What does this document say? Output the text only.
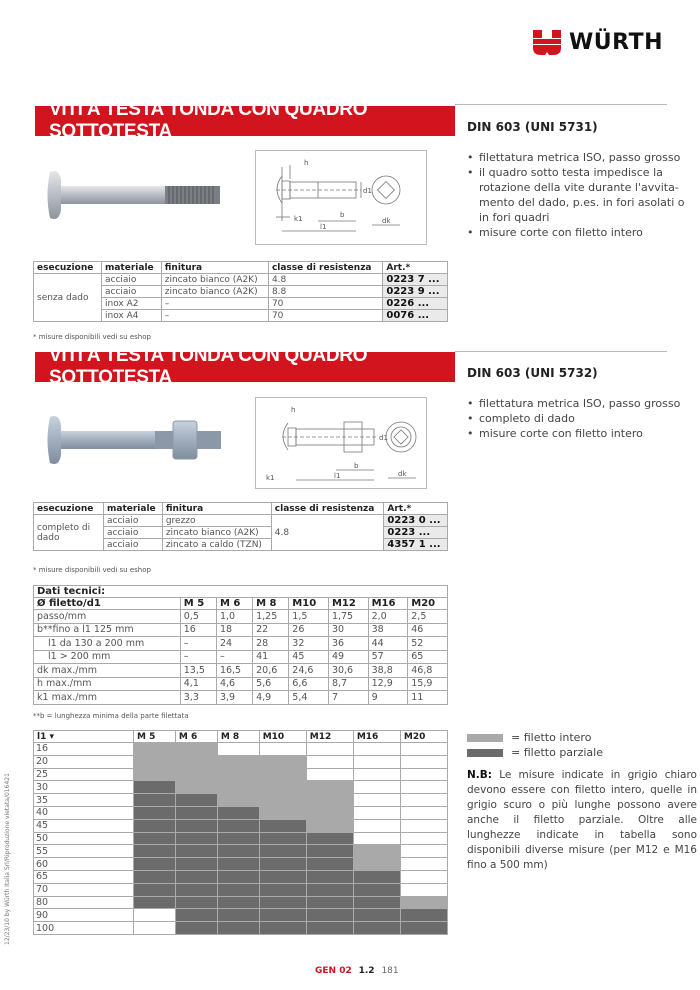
WÜRTH
VITI A TESTA TONDA CON QUADRO SOTTOTESTA	DIN 603 (UNI 5731)
• filettatura metrica ISO, passo grosso
• il quadro sotto testa impedisce la rotazione della vite durante l'avvita-mento del dado, p.es. in fori asolati o in fori quadri
• misure corte con filetto intero
h
k1	b
l1
d1
dk
esecuzione	materiale	finitura	classe di resistenza	Art.*
senza dado	acciaio	zincato bianco (A2K)	4.8	0223 7 ...
	acciaio	zincato bianco (A2K)	8.8	0223 9 ...
	inox A2	–	70	0226 ...
	inox A4	–	70	0076 ...
* misure disponibili vedi su eshop
VITI A TESTA TONDA CON QUADRO SOTTOTESTA	DIN 603 (UNI 5732)
• filettatura metrica ISO, passo grosso
• completo di dado
• misure corte con filetto intero
h
k1
b
l1
d1
dk
esecuzione	materiale	finitura	classe di resistenza	Art.*
completo di dado	acciaio	grezzo	4.8	0223 0 ...
	acciaio	zincato bianco (A2K)		0223 ...
	acciaio	zincato a caldo (TZN)		4357 1 ...
* misure disponibili vedi su eshop
Dati tecnici:							
Ø filetto/d1	M 5	M 6	M 8	M10	M12	M16	M20
passo/mm	0,5	1,0	1,25	1,5	1,75	2,0	2,5
b**fino a l1 125 mm	16	18	22	26	30	38	46
l1 da 130 a 200 mm	–	24	28	32	36	44	52
l1 > 200 mm	–	–	41	45	49	57	65
dk max./mm	13,5	16,5	20,6	24,6	30,6	38,8	46,8
h max./mm	4,1	4,6	5,6	6,6	8,7	12,9	15,9
k1 max./mm	3,3	3,9	4,9	5,4	7	9	11
**b = lunghezza minima della parte filettata
l1 ▾	M 5	M 6	M 8	M10	M12	M16	M20
16							
20							
25							
30							
35							
40							
45							
50							
55							
60							
65							
70							
80							
90							
100							
= filetto intero
= filetto parziale
N.B: Le misure indicate in grigio chiaro devono essere con filetto intero, quelle in grigio scuro o più lunghe possono avere anche il filetto parziale. Oltre alle lunghezze indicate in tabella sono disponibili diverse misure (per M12 e M16 fino a 500 mm)
12/23/10 by Würth Italia Srl/Riproduzione vietata/016421
GEN 02 1.2 181
